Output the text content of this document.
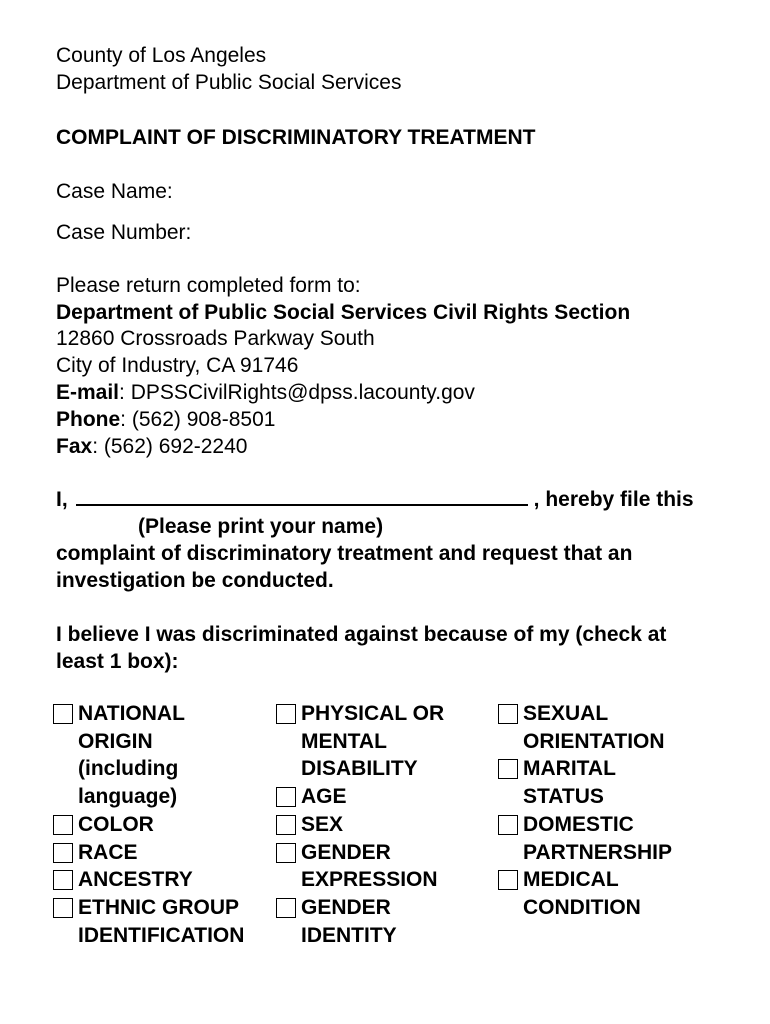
County of Los Angeles
Department of Public Social Services
COMPLAINT OF DISCRIMINATORY TREATMENT
Case Name:
Case Number:
Please return completed form to:
Department of Public Social Services Civil Rights Section
12860 Crossroads Parkway South
City of Industry, CA 91746
E-mail: DPSSCivilRights@dpss.lacounty.gov
Phone: (562) 908-8501
Fax: (562) 692-2240
I,	, hereby file this
(Please print your name)
complaint of discriminatory treatment and request that an
investigation be conducted.
I believe I was discriminated against because of my (check at
least 1 box):
NATIONAL
ORIGIN
(including
language)
COLOR
RACE
ANCESTRY
ETHNIC GROUP
IDENTIFICATION
PHYSICAL OR
MENTAL
DISABILITY
AGE
SEX
GENDER
EXPRESSION
GENDER
IDENTITY
SEXUAL
ORIENTATION
MARITAL
STATUS
DOMESTIC
PARTNERSHIP
MEDICAL
CONDITION
